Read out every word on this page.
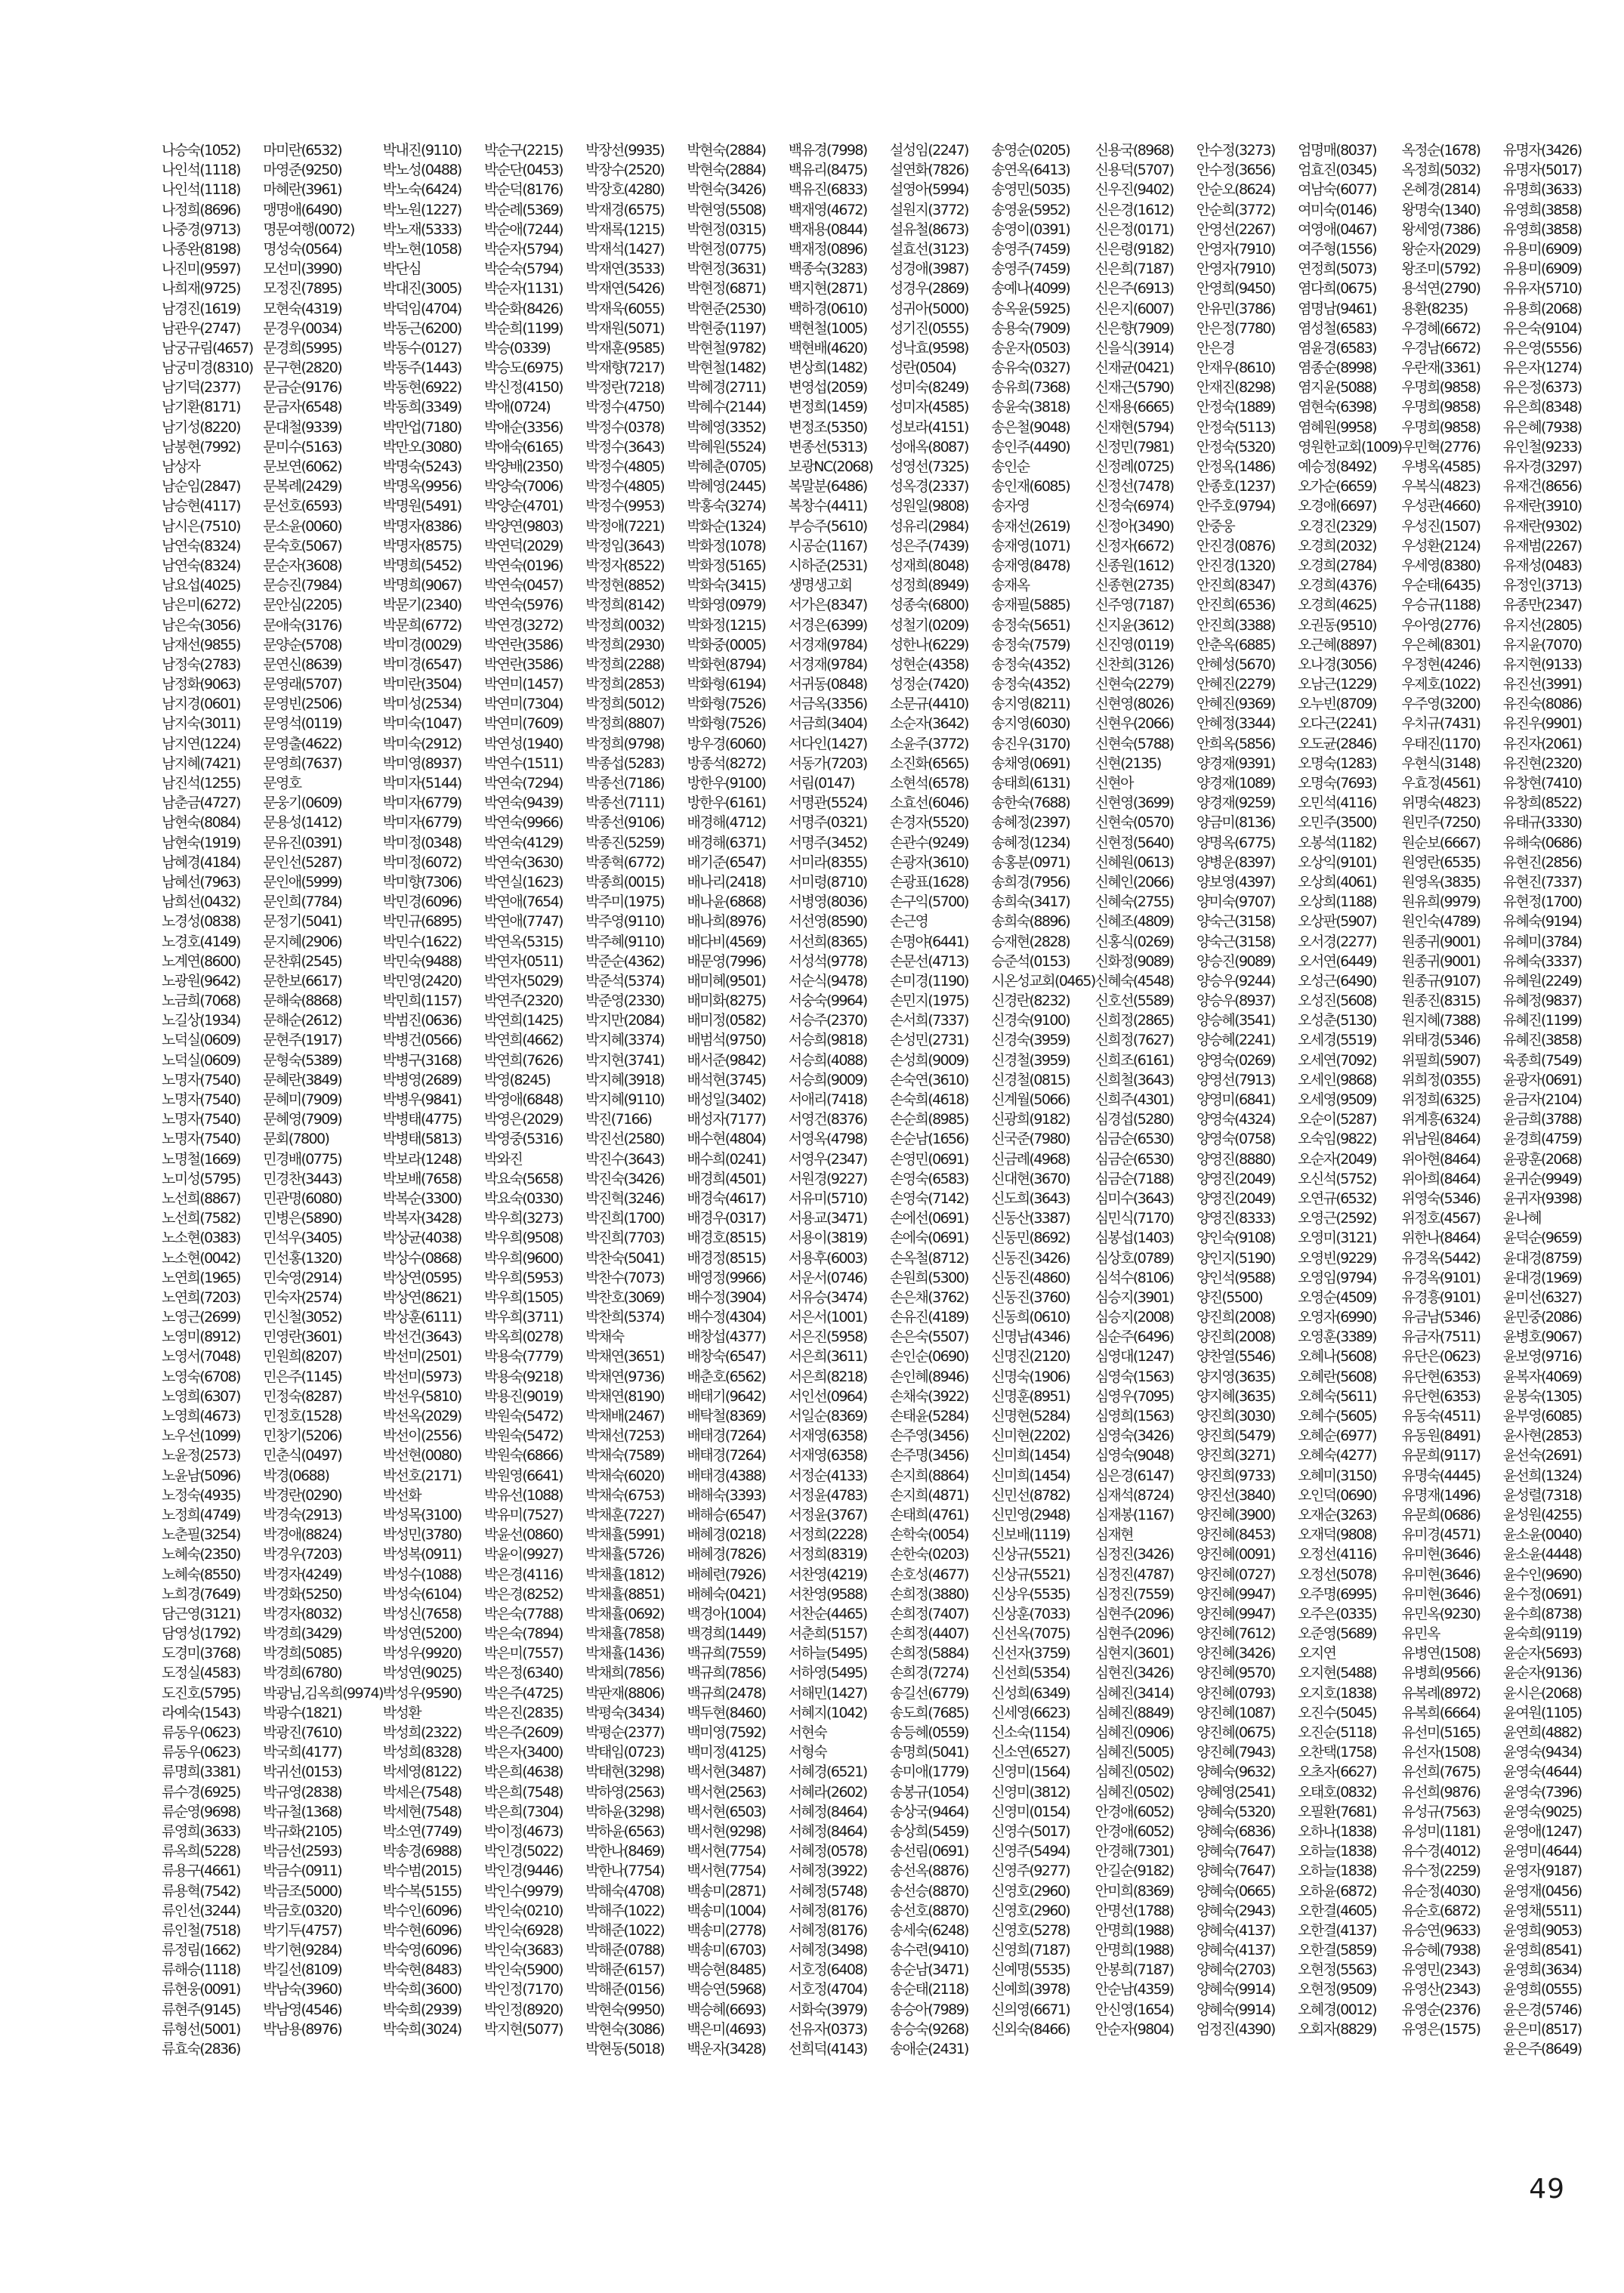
나승숙(1052)
나인석(1118)
나인석(1118)
나정희(8696)
나중경(9713)
나종완(8198)
나진미(9597)
나희재(9725)
남경진(1619)
남관우(2747)
남궁규림(4657)
남궁미경(8310)
남기덕(2377)
남기환(8171)
남기성(8220)
남봉현(7992)
남상자
남순임(2847)
남승현(4117)
남시은(7510)
남연숙(8324)
남연숙(8324)
남요섭(4025)
남은미(6272)
남은숙(3056)
남재선(9855)
남정숙(2783)
남정화(9063)
남지경(0601)
남지숙(3011)
남지연(1224)
남지혜(7421)
남진석(1255)
남춘금(4727)
남현숙(8084)
남현숙(1919)
남혜경(4184)
남혜선(7963)
남희선(0432)
노경성(0838)
노경호(4149)
노계연(8600)
노광원(9642)
노금희(7068)
노길상(1934)
노덕실(0609)
노덕실(0609)
노명자(7540)
노명자(7540)
노명자(7540)
노명자(7540)
노명철(1669)
노미성(5795)
노선희(8867)
노선희(7582)
노소현(0383)
노소현(0042)
노연희(1965)
노연희(7203)
노영근(2699)
노영미(8912)
노영서(7048)
노영숙(6708)
노영희(6307)
노영희(4673)
노우선(1099)
노윤정(2573)
노윤남(5096)
노정숙(4935)
노정희(4749)
노춘필(3254)
노혜숙(2350)
노혜숙(8550)
노희경(7649)
담근영(3121)
담영성(1792)
도경미(3768)
도정실(4583)
도진호(5795)
라예숙(1543)
류동우(0623)
류동우(0623)
류명희(3381)
류수경(6925)
류순영(9698)
류영희(3633)
류옥희(5228)
류용구(4661)
류용혁(7542)
류인선(3244)
류인철(7518)
류정림(1662)
류해승(1118)
류현웅(0091)
류현주(9145)
류형선(5001)
류효숙(2836)
마미란(6532)
마영준(9250)
마혜란(3961)
맹명애(6490)
명문여행(0072)
명성숙(0564)
모선미(3990)
모정진(7895)
모현숙(4319)
문경우(0034)
문경희(5995)
문구현(2820)
문금순(9176)
문금자(6548)
문대철(9339)
문미수(5163)
문보연(6062)
문복례(2429)
문선호(6593)
문소윤(0060)
문숙호(5067)
문순자(3608)
문승진(7984)
문안심(2205)
문애숙(3176)
문양순(5708)
문연신(8639)
문영래(5707)
문영빈(2506)
문영석(0119)
문영출(4622)
문영희(7637)
문영호
문웅기(0609)
문용성(1412)
문유진(0391)
문인선(5287)
문인애(5999)
문인희(7784)
문정기(5041)
문지혜(2906)
문찬휘(2545)
문한보(6617)
문해숙(8868)
문해순(2612)
문현주(1917)
문형숙(5389)
문혜란(3849)
문혜미(7909)
문혜영(7909)
문회(7800)
민경배(0775)
민경찬(3443)
민관명(6080)
민병은(5890)
민석우(3405)
민선홍(1320)
민숙영(2914)
민숙자(2574)
민신철(3052)
민영란(3601)
민원희(8207)
민은주(1145)
민정숙(8287)
민정호(1528)
민창기(5206)
민춘식(0497)
박경(0688)
박경란(0290)
박경숙(2913)
박경애(8824)
박경우(7203)
박경자(4249)
박경화(5250)
박경자(8032)
박경희(3429)
박경희(5085)
박경희(6780)
박광님,김옥희(9974)
박광수(1821)
박광진(7610)
박국희(4177)
박귀선(0153)
박규영(2838)
박규철(1368)
박규화(2105)
박금선(2593)
박금수(0911)
박금조(5000)
박금호(0320)
박기두(4757)
박기현(9284)
박길선(8109)
박남숙(3960)
박남영(4546)
박남용(8976)
박내진(9110)
박노성(0488)
박노숙(6424)
박노원(1227)
박노재(5333)
박노현(1058)
박단심
박대진(3005)
박덕임(4704)
박동근(6200)
박동수(0127)
박동주(1443)
박동현(6922)
박동희(3349)
박만업(7180)
박만오(3080)
박명숙(5243)
박명옥(9956)
박명원(5491)
박명자(8386)
박명자(8575)
박명희(5452)
박명희(9067)
박문기(2340)
박문희(6772)
박미경(0029)
박미경(6547)
박미란(3504)
박미성(2534)
박미숙(1047)
박미숙(2912)
박미영(8937)
박미자(5144)
박미자(6779)
박미자(6779)
박미정(0348)
박미정(6072)
박미향(7306)
박민경(6096)
박민규(6895)
박민수(1622)
박민숙(9488)
박민영(2420)
박민희(1157)
박범진(0636)
박병건(0566)
박병구(3168)
박병영(2689)
박병우(9841)
박병태(4775)
박병태(5813)
박보라(1248)
박보배(7658)
박복순(3300)
박복자(3428)
박상균(4038)
박상수(0868)
박상연(0595)
박상연(8621)
박상훈(6111)
박선건(3643)
박선미(2501)
박선미(5973)
박선우(5810)
박선옥(2029)
박선이(2556)
박선현(0080)
박선호(2171)
박선화
박성목(3100)
박성민(3780)
박성복(0911)
박성수(1088)
박성숙(6104)
박성신(7658)
박성연(5200)
박성우(9920)
박성연(9025)
박성우(9590)
박성환
박성희(2322)
박성희(8328)
박세영(8122)
박세은(7548)
박세현(7548)
박소연(7749)
박송경(6988)
박수범(2015)
박수복(5155)
박수인(6096)
박수현(6096)
박숙영(6096)
박숙현(8483)
박숙희(3600)
박숙희(2939)
박숙희(3024)
박순구(2215)
박순단(0453)
박순덕(8176)
박순례(5369)
박순애(7244)
박순자(5794)
박순숙(5794)
박순자(1131)
박순화(8426)
박순희(1199)
박승(0339)
박승도(6975)
박신정(4150)
박애(0724)
박애순(3356)
박애숙(6165)
박양배(2350)
박양숙(7006)
박양순(4701)
박양연(9803)
박연덕(2029)
박연숙(0196)
박연숙(0457)
박연숙(5976)
박연경(3272)
박연란(3586)
박연란(3586)
박연미(1457)
박연미(7304)
박연미(7609)
박연성(1940)
박연수(1511)
박연숙(7294)
박연숙(9439)
박연숙(9966)
박연숙(4129)
박연숙(3630)
박연실(1623)
박연애(7654)
박연애(7747)
박연옥(5315)
박연자(0511)
박연자(5029)
박연주(2320)
박연희(1425)
박연희(4662)
박연희(7626)
박영(8245)
박영애(6848)
박영은(2029)
박영중(5316)
박와진
박요숙(5658)
박요숙(0330)
박우희(3273)
박우희(9508)
박우희(9600)
박우희(5953)
박우희(1505)
박우희(3711)
박옥희(0278)
박용숙(7779)
박용숙(9218)
박용진(9019)
박원숙(5472)
박원숙(5472)
박원숙(6866)
박원영(6641)
박유선(1088)
박유미(7527)
박윤선(0860)
박윤이(9927)
박은경(4116)
박은경(8252)
박은숙(7788)
박은숙(7894)
박은미(7557)
박은정(6340)
박은주(4725)
박은진(2835)
박은주(2609)
박은자(3400)
박은희(4638)
박은희(7548)
박은희(7304)
박이정(4673)
박인경(5022)
박인경(9446)
박인수(9979)
박인숙(0210)
박인숙(6928)
박인숙(3683)
박인숙(5900)
박인정(7170)
박인정(8920)
박지현(5077)
박장선(9935)
박장수(2520)
박장호(4280)
박재경(6575)
박재록(1215)
박재석(1427)
박재연(3533)
박재연(5426)
박재욱(6055)
박재원(5071)
박재훈(9585)
박재향(7217)
박정란(7218)
박정수(4750)
박정수(0378)
박정수(3643)
박정수(4805)
박정수(4805)
박정수(9953)
박정애(7221)
박정임(3643)
박정자(8522)
박정현(8852)
박정희(8142)
박정희(0032)
박정희(2930)
박정희(2288)
박정희(2853)
박정희(5012)
박정희(8807)
박정희(9798)
박종섭(5283)
박종선(7186)
박종선(7111)
박종선(9106)
박종진(5259)
박종혁(6772)
박종희(0015)
박주미(1975)
박주영(9110)
박주혜(9110)
박준순(4362)
박준석(5374)
박준영(2330)
박지만(2084)
박지혜(3374)
박지현(3741)
박지혜(3918)
박지혜(9110)
박진(7166)
박진선(2580)
박진수(3643)
박진숙(3426)
박진혁(3246)
박진희(1700)
박진희(7703)
박찬숙(5041)
박찬수(7073)
박찬호(3069)
박찬희(5374)
박채숙
박채연(3651)
박채연(9736)
박채연(8190)
박채배(2467)
박채선(7253)
박채숙(7589)
박채숙(6020)
박채숙(6753)
박채훈(7227)
박채휼(5991)
박채휼(5726)
박채휼(1812)
박채휼(8851)
박채휼(0692)
박채휼(7858)
박채휼(1436)
박채희(7856)
박판재(8806)
박평숙(3434)
박평순(2377)
박태임(0723)
박태현(3298)
박하영(2563)
박하윤(3298)
박하윤(6563)
박한나(8469)
박한나(7754)
박해숙(4708)
박해주(1022)
박해준(1022)
박해준(0788)
박해준(6157)
박해준(0156)
박현숙(9950)
박현숙(3086)
박현동(5018)
박현숙(2884)
박현숙(2884)
박현숙(3426)
박현영(5508)
박현정(0315)
박현정(0775)
박현정(3631)
박현정(6871)
박현준(2530)
박현중(1197)
박현철(9782)
박현철(1482)
박혜경(2711)
박혜수(2144)
박혜영(3352)
박혜원(5524)
박혜춘(0705)
박혜영(2445)
박홍숙(3274)
박화순(1324)
박화정(1078)
박화정(5165)
박화숙(3415)
박화영(0979)
박화정(1215)
박화중(0005)
박화현(8794)
박화형(6194)
박화형(7526)
박화형(7526)
방우경(6060)
방종석(8272)
방한우(9100)
방한우(6161)
배경해(4712)
배경해(6371)
배기준(6547)
배나리(2418)
배나윤(6868)
배나희(8976)
배다비(4569)
배문영(7996)
배미혜(9501)
배미화(8275)
배미정(0582)
배범석(9750)
배서준(9842)
배석현(3745)
배성일(3402)
배성자(7177)
배수현(4804)
배수희(0241)
배경희(4501)
배경숙(4617)
배경우(0317)
배경호(8515)
배경정(8515)
배영정(9966)
배수정(3904)
배수정(4304)
배창섭(4377)
배창숙(6547)
배춘호(6562)
배태기(9642)
배탁철(8369)
배태경(7264)
배태경(7264)
배태경(4388)
배해숙(3393)
배해승(6547)
배혜경(0218)
배혜경(7826)
배혜련(7926)
배혜숙(0421)
백경아(1004)
백경희(1449)
백규희(7559)
백규희(7856)
백규희(2478)
백두현(8460)
백미영(7592)
백미정(4125)
백서현(3487)
백서현(2563)
백서현(6503)
백서현(9298)
백서현(7754)
백서현(7754)
백송미(2871)
백송미(1004)
백송미(2778)
백송미(6703)
백승현(8485)
백승연(5968)
백승혜(6693)
백은미(4693)
백운자(3428)
백유경(7998)
백유리(8475)
백유진(6833)
백재영(4672)
백재용(0844)
백재정(0896)
백종숙(3283)
백지현(2871)
백하경(0610)
백현철(1005)
백현배(4620)
변상희(1482)
변영섭(2059)
변정희(1459)
변정조(5350)
변종선(5313)
보광NC(2068)
복말분(6486)
복창수(4411)
부승주(5610)
시공순(1167)
시하준(2531)
생명생고회
서가은(8347)
서경은(6399)
서경재(9784)
서경재(9784)
서귀동(0848)
서금옥(3356)
서금희(3404)
서다인(1427)
서동가(7203)
서림(0147)
서명관(5524)
서명주(0321)
서명주(3452)
서미라(8355)
서미령(8710)
서병영(8036)
서선영(8590)
서선희(8365)
서성석(9778)
서순식(9478)
서숭숙(9964)
서승주(2370)
서승희(9818)
서승희(4088)
서승희(9009)
서애리(7418)
서영건(8376)
서영옥(4798)
서영우(2347)
서원경(9227)
서유미(5710)
서용교(3471)
서용이(3819)
서용후(6003)
서운서(0746)
서유승(3474)
서은서(1001)
서은진(5958)
서은희(3611)
서은희(8218)
서인선(0964)
서일순(8369)
서재영(6358)
서재영(6358)
서정순(4133)
서정윤(4783)
서정윤(3767)
서정희(2228)
서정희(8319)
서찬영(4219)
서찬영(9588)
서찬순(4465)
서춘희(5157)
서하늘(5495)
서하영(5495)
서해민(1427)
서혜지(1042)
서현숙
서형숙
서혜경(6521)
서혜라(2602)
서혜정(8464)
서혜정(8464)
서혜정(0578)
서혜정(3922)
서혜정(5748)
서혜정(8176)
서혜정(8176)
서혜정(3498)
서호정(6408)
서호정(4704)
서화숙(3979)
선유자(0373)
선희덕(4143)
설성임(2247)
설연화(7826)
설영아(5994)
설원지(3772)
설유철(8673)
설효선(3123)
성경애(3987)
성경우(2869)
성귀아(5000)
성기진(0555)
성낙효(9598)
성란(0504)
성미숙(8249)
성미자(4585)
성보라(4151)
성애옥(8087)
성영선(7325)
성옥경(2337)
성원일(9808)
성유리(2984)
성은주(7439)
성재희(8048)
성정희(8949)
성종숙(6800)
성철기(0209)
성한나(6229)
성현순(4358)
성정순(7420)
소문규(4410)
소순자(3642)
소윤주(3772)
소진화(6565)
소현석(6578)
소효선(6046)
손경자(5520)
손관수(9249)
손광자(3610)
손광표(1628)
손구익(5700)
손근영
손명야(6441)
손문선(4713)
손미경(1190)
손민지(1975)
손서희(7337)
손성민(2731)
손성희(9009)
손숙연(3610)
손숙희(4618)
손순희(8985)
손순남(1656)
손영민(0691)
손영숙(6583)
손영숙(7142)
손에선(0691)
손에숙(0691)
손옥철(8712)
손원희(5300)
손은채(3762)
손유진(4189)
손은숙(5507)
손인순(0690)
손인혜(8946)
손채숙(3922)
손태윤(5284)
손주영(3456)
손주명(3456)
손지희(8864)
손지희(4871)
손태희(4761)
손학숙(0054)
손한숙(0203)
손호성(4677)
손희정(3880)
손희정(7407)
손희정(4407)
손희정(5884)
손희경(7274)
송길선(6779)
송도희(7685)
송등혜(0559)
송명희(5041)
송미애(1779)
송봉규(1054)
송상국(9464)
송상희(5459)
송선림(0691)
송선옥(8876)
송선승(8870)
송선호(8870)
송세숙(6248)
송수련(9410)
송순남(3471)
송순태(2118)
송승아(7989)
송승숙(9268)
송애순(2431)
송영순(0205)
송연옥(6413)
송영민(5035)
송영윤(5952)
송영이(0391)
송영주(7459)
송영주(7459)
송예나(4099)
송옥윤(5925)
송용숙(7909)
송운자(0503)
송유숙(0327)
송유희(7368)
송윤숙(3818)
송은철(9048)
송인주(4490)
송인순
송인재(6085)
송자영
송재선(2619)
송재영(1071)
송재영(8478)
송재옥
송재필(5885)
송정숙(5651)
송정숙(7579)
송정숙(4352)
송정숙(4352)
송지영(8211)
송지영(6030)
송진우(3170)
송채영(0691)
송태희(6131)
송한숙(7688)
송혜정(2397)
송혜정(1234)
송홍분(0971)
송희경(7956)
송희숙(3417)
송희숙(8896)
승재현(2828)
승준석(0153)
시온성교회(0465)
신경란(8232)
신경숙(9100)
신경숙(3959)
신경철(3959)
신경철(0815)
신계월(5066)
신광희(9182)
신국준(7980)
신금례(4968)
신대현(3670)
신도희(3643)
신동산(3387)
신동민(8692)
신동진(3426)
신동진(4860)
신동진(3760)
신동희(0610)
신명남(4346)
신명진(2120)
신명숙(1906)
신명훈(8951)
신명현(5284)
신미현(2202)
신미희(1454)
신미희(1454)
신민선(8782)
신민영(2948)
신보배(1119)
신상규(5521)
신상규(5521)
신상우(5535)
신상훈(7033)
신선옥(7075)
신선자(3759)
신선희(5354)
신성희(6349)
신세영(6623)
신소숙(1154)
신소연(6527)
신영미(1564)
신영미(3812)
신영미(0154)
신영수(5017)
신영주(5494)
신영주(9277)
신영호(2960)
신영호(2960)
신영호(5278)
신영희(7187)
신예명(5535)
신예희(3978)
신의영(6671)
신외숙(8466)
신용국(8968)
신용덕(5707)
신우진(9402)
신은경(1612)
신은정(0171)
신은령(9182)
신은희(7187)
신은주(6913)
신은지(6007)
신은향(7909)
신을식(3914)
신재균(0421)
신재근(5790)
신재용(6665)
신재현(5794)
신정민(7981)
신정례(0725)
신정선(7478)
신정숙(6974)
신정아(3490)
신정자(6672)
신종원(1612)
신종현(2735)
신주영(7187)
신지윤(3612)
신진영(0119)
신찬희(3126)
신현숙(2279)
신현영(8026)
신현우(2066)
신현숙(5788)
신현(2135)
신현아
신현영(3699)
신현숙(0570)
신현정(5640)
신혜원(0613)
신혜인(2066)
신혜숙(2755)
신혜조(4809)
신홍식(0269)
신화정(9089)
신혜숙(4548)
신호선(5589)
신희정(2865)
신희정(7627)
신희조(6161)
신희철(3643)
신희주(4301)
심경섭(5280)
심금순(6530)
심금순(6530)
심금순(7188)
심미수(3643)
심민식(7170)
심봉섭(1403)
심상호(0789)
심석수(8106)
심승지(3901)
심승지(2008)
심순주(6496)
심영대(1247)
심영숙(1563)
심영우(7095)
심영희(1563)
심영숙(3426)
심영숙(9048)
심은경(6147)
심재석(8724)
심재봉(1167)
심재현
심정진(3426)
심정진(4787)
심정진(7559)
심현주(2096)
심현주(2096)
심현지(3601)
심현진(3426)
심혜진(3414)
심혜진(8849)
심혜진(0906)
심혜진(5005)
심혜진(0502)
심혜진(0502)
안경애(6052)
안경애(6052)
안경해(7301)
안길순(9182)
안미희(8369)
안명선(1788)
안명희(1988)
안명희(1988)
안봉희(7187)
안순남(4359)
안신영(1654)
안순자(9804)
안수정(3273)
안수정(3656)
안순오(8624)
안순희(3772)
안영선(2267)
안영자(7910)
안영자(7910)
안영희(9450)
안유민(3786)
안은정(7780)
안은경
안재우(8610)
안재진(8298)
안정숙(1889)
안정숙(5113)
안정숙(5320)
안정옥(1486)
안종호(1237)
안주호(9794)
안중웅
안진경(0876)
안진경(1320)
안진희(8347)
안진희(6536)
안진희(3388)
안춘옥(6885)
안혜성(5670)
안혜진(2279)
안혜진(9369)
안혜정(3344)
안희옥(5856)
양경재(9391)
양경재(1089)
양경재(9259)
양금미(8136)
양명옥(6775)
양병운(8397)
양보영(4397)
양미숙(9707)
양숙근(3158)
양숙근(3158)
양승진(9089)
양승우(9244)
양승우(8937)
양승혜(3541)
양승혜(2241)
양영숙(0269)
양영선(7913)
양영미(6841)
양영숙(4324)
양영숙(0758)
양영진(8880)
양영진(2049)
양영진(2049)
양영진(8333)
양인숙(9108)
양인지(5190)
양인석(9588)
양진(5500)
양진희(2008)
양진희(2008)
양찬열(5546)
양지영(3635)
양지혜(3635)
양진희(3030)
양진희(5479)
양진희(3271)
양진희(9733)
양진선(3840)
양진혜(3900)
양진혜(8453)
양진혜(0091)
양진혜(0727)
양진혜(9947)
양진혜(9947)
양진혜(7612)
양진혜(3426)
양진혜(9570)
양진혜(0793)
양진혜(1087)
양진혜(0675)
양진혜(7943)
양혜숙(9632)
양혜영(2541)
양혜숙(5320)
양혜숙(6836)
양혜숙(7647)
양혜숙(7647)
양혜숙(0665)
양혜숙(2943)
양혜숙(4137)
양혜숙(4137)
양혜숙(2703)
양혜숙(9914)
양혜숙(9914)
엄정진(4390)
엄명매(8037)
엄효진(0345)
여남숙(6077)
여미숙(0146)
여영애(0467)
여주형(1556)
연정희(5073)
염다희(0675)
염명남(9461)
염성철(6583)
염윤경(6583)
염종순(8998)
염지윤(5088)
염현숙(6398)
염혜원(9958)
영원한교회(1009)
예승정(8492)
오가순(6659)
오경애(6697)
오경진(2329)
오경희(2032)
오경희(2784)
오경희(4376)
오경희(4625)
오권동(9510)
오근혜(8897)
오나경(3056)
오남근(1229)
오누빈(8709)
오다근(2241)
오도균(2846)
오명숙(1283)
오명숙(7693)
오민석(4116)
오민주(3500)
오봉석(1182)
오상익(9101)
오상희(4061)
오상희(1188)
오상판(5907)
오서경(2277)
오서연(6449)
오성근(6490)
오성진(5608)
오성춘(5130)
오세경(5519)
오세연(7092)
오세인(9868)
오세영(9509)
오순이(5287)
오숙임(9822)
오순자(2049)
오신석(5752)
오연규(6532)
오영근(2592)
오영미(3121)
오영빈(9229)
오영임(9794)
오영순(4509)
오영자(6990)
오영훈(3389)
오혜나(5608)
오혜란(5608)
오혜숙(5611)
오혜수(5605)
오혜순(6977)
오혜숙(4277)
오혜미(3150)
오인덕(0690)
오재순(3263)
오재덕(9808)
오정선(4116)
오정선(5078)
오주명(6995)
오주은(0335)
오준영(5689)
오지연
오지현(5488)
오지호(1838)
오진수(5045)
오진순(5118)
오찬택(1758)
오초자(6627)
오태호(0832)
오필환(7681)
오하나(1838)
오하늘(1838)
오하늘(1838)
오하윤(6872)
오한결(4605)
오한결(4137)
오한결(5859)
오현정(5563)
오현정(9509)
오혜경(0012)
오회자(8829)
옥정순(1678)
옥정희(5032)
온혜경(2814)
왕명숙(1340)
왕세영(7386)
왕순자(2029)
왕조미(5792)
용석연(2790)
용환(8235)
우경혜(6672)
우경남(6672)
우란재(3361)
우명희(9858)
우명희(9858)
우명희(9858)
우민혁(2776)
우병옥(4585)
우복식(4823)
우성관(4660)
우성진(1507)
우성환(2124)
우세영(8380)
우순태(6435)
우승규(1188)
우아영(2776)
우은혜(8301)
우정현(4246)
우제호(1022)
우주영(3200)
우치규(7431)
우태진(1170)
우현식(3148)
우효정(4561)
위명숙(4823)
원민주(7250)
원순보(6667)
원영란(6535)
원영옥(3835)
원유희(9979)
원인숙(4789)
원종귀(9001)
원종귀(9001)
원종규(9107)
원종진(8315)
원지혜(7388)
위태경(5346)
위필희(5907)
위희정(0355)
위정희(6325)
위계흥(6324)
위남원(8464)
위아현(8464)
위아희(8464)
위영숙(5346)
위정호(4567)
위한나(8464)
유경옥(5442)
유경옥(9101)
유경흥(9101)
유금남(5346)
유금자(7511)
유단은(0623)
유단현(6353)
유단현(6353)
유동숙(4511)
유동원(8491)
유문희(9117)
유명숙(4445)
유명재(1496)
유문희(0686)
유미경(4571)
유미현(3646)
유미현(3646)
유미현(3646)
유민옥(9230)
유민옥
유병연(1508)
유병희(9566)
유복례(8972)
유복희(6664)
유선미(5165)
유선자(1508)
유선희(7675)
유선희(9876)
유성규(7563)
유성미(1181)
유수경(4012)
유수정(2259)
유순정(4030)
유순호(6872)
유승연(9633)
유승혜(7938)
유영민(2343)
유영산(2343)
유영순(2376)
유영은(1575)
유명자(3426)
유명자(5017)
유명희(3633)
유영희(3858)
유영희(3858)
유용미(6909)
유용미(6909)
유유자(5710)
유용희(2068)
유은숙(9104)
유은영(5556)
유은자(1274)
유은정(6373)
유은희(8348)
유은혜(7938)
유인철(9233)
유자경(3297)
유재건(8656)
유재란(3910)
유재란(9302)
유재범(2267)
유재성(0483)
유정인(3713)
유종만(2347)
유지선(2805)
유지윤(7070)
유지현(9133)
유진선(3991)
유진숙(8086)
유진우(9901)
유진자(2061)
유진현(2320)
유창현(7410)
유창희(8522)
유태규(3330)
유해숙(0686)
유현진(2856)
유현진(7337)
유현정(1700)
유혜숙(9194)
유혜미(3784)
유혜숙(3337)
유혜원(2249)
유혜정(9837)
유혜진(1199)
유혜진(3858)
육종희(7549)
윤광자(0691)
윤금자(2104)
윤금희(3788)
윤경희(4759)
윤광훈(2068)
윤귀순(9949)
윤귀자(9398)
윤나혜
윤덕순(9659)
윤대경(8759)
윤대경(1969)
윤미선(6327)
윤민중(2086)
윤병호(9067)
윤보영(9716)
윤복자(4069)
윤봉숙(1305)
윤부영(6085)
윤사현(2853)
윤선숙(2691)
윤선희(1324)
윤성렬(7318)
윤성원(4255)
윤소윤(0040)
윤소윤(4448)
윤수인(9690)
윤수정(0691)
윤수희(8738)
윤숙희(9119)
윤순자(5693)
윤순자(9136)
윤시은(2068)
윤여원(1105)
윤연희(4882)
윤영숙(9434)
윤영숙(4644)
윤영숙(7396)
윤영숙(9025)
윤영애(1247)
윤영미(4644)
윤영자(9187)
윤영재(0456)
윤영채(5511)
윤영희(9053)
윤영희(8541)
윤영희(3634)
윤영희(0555)
윤은경(5746)
윤은미(8517)
윤은주(8649)
49
